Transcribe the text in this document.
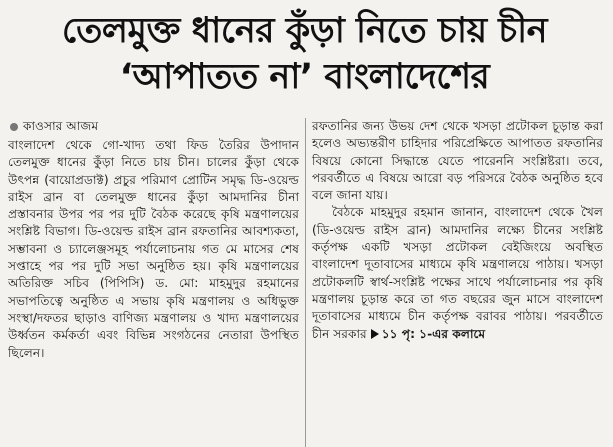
তেলমুক্ত ধানের কুঁড়া নিতে চায় চীন
‘আপাতত না’ বাংলাদেশের
কাওসার আজম

বাংলাদেশ থেকে গো-খাদ্য তথা ফিড তৈরির উপাদান তেলমুক্ত ধানের কুঁড়া নিতে চায় চীন। চালের কুঁড়া থেকে উৎপন্ন (বায়োপ্রডাক্ট) প্রচুর পরিমাণ প্রোটিন সমৃদ্ধ ডি-ওয়েল্ড রাইস ব্রান বা তেলমুক্ত ধানের কুঁড়া আমদানির চীনা প্রস্তাবনার উপর পর পর দুটি বৈঠক করেছে কৃষি মন্ত্রণালয়ের সংশ্লিষ্ট বিভাগ। ডি-ওয়েল্ড রাইস ব্রান রফতানির আবশ্যকতা, সম্ভাবনা ও চ্যালেঞ্জসমূহ পর্যালোচনায় গত মে মাসের শেষ সপ্তাহে পর পর দুটি সভা অনুষ্ঠিত হয়। কৃষি মন্ত্রণালয়ের অতিরিক্ত সচিব (পিপিসি) ড. মো: মাহমুদুর রহমানের সভাপতিত্বে অনুষ্ঠিত এ সভায় কৃষি মন্ত্রণালয় ও অধিভুক্ত সংস্থা/দফতর ছাড়াও বাণিজ্য মন্ত্রণালয় ও খাদ্য মন্ত্রণালয়ের উর্ধ্বতন কর্মকর্তা এবং বিভিন্ন সংগঠনের নেতারা উপস্থিত ছিলেন।

রফতানির জন্য উভয় দেশ থেকে খসড়া প্রটোকল চূড়ান্ত করা হলেও অভ্যন্তরীণ চাহিদার পরিপ্রেক্ষিতে আপাতত রফতানির বিষয়ে কোনো সিদ্ধান্তে যেতে পারেননি সংশ্লিষ্টরা। তবে, পরবর্তীতে এ বিষয়ে আরো বড় পরিসরে বৈঠক অনুষ্ঠিত হবে বলে জানা যায়।

বৈঠকে মাহমুদুর রহমান জানান, বাংলাদেশ থেকে খৈল (ডি-ওয়েল্ড রাইস ব্রান) আমদানির লক্ষ্যে চীনের সংশ্লিষ্ট কর্তৃপক্ষ একটি খসড়া প্রটোকল বেইজিংয়ে অবস্থিত বাংলাদেশ দূতাবাসের মাধ্যমে কৃষি মন্ত্রণালয়ে পাঠায়। খসড়া প্রটোকলটি স্বার্থ-সংশ্লিষ্ট পক্ষের সাথে পর্যালোচনার পর কৃষি মন্ত্রণালয় চূড়ান্ত করে তা গত বছরের জুন মাসে বাংলাদেশ দূতাবাসের মাধ্যমে চীন কর্তৃপক্ষ বরাবর পাঠায়। পরবর্তীতে চীন সরকার ১১ পৃ: ১-এর কলামে
